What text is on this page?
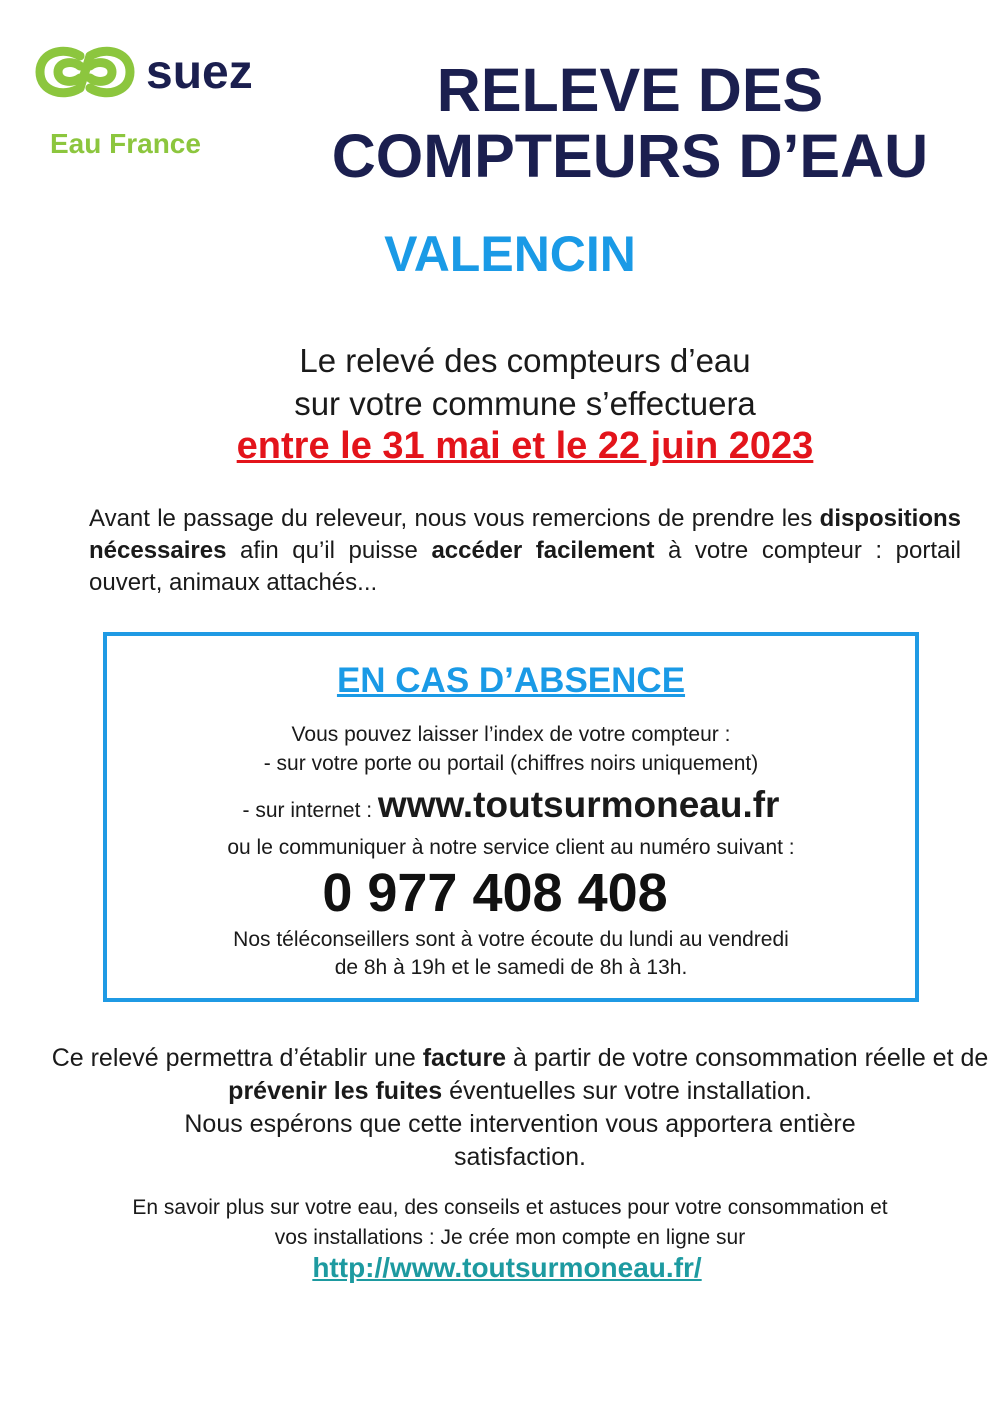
suez
Eau France
RELEVE DES
COMPTEURS D’EAU
VALENCIN
Le relevé des compteurs d’eau
sur votre commune s’effectuera
entre le 31 mai et le 22 juin 2023
Avant le passage du releveur, nous vous remercions de prendre les dispositions nécessaires afin qu’il puisse accéder facilement à votre compteur : portail ouvert, animaux attachés...
EN CAS D’ABSENCE
Vous pouvez laisser l’index de votre compteur :
- sur votre porte ou portail (chiffres noirs uniquement)
- sur internet : www.toutsurmoneau.fr
ou le communiquer à notre service client au numéro suivant :
0 977 408 408
Nos téléconseillers sont à votre écoute du lundi au vendredi
de 8h à 19h et le samedi de 8h à 13h.
Ce relevé permettra d’établir une facture à partir de votre consommation réelle et de prévenir les fuites éventuelles sur votre installation.
Nous espérons que cette intervention vous apportera entière satisfaction.
En savoir plus sur votre eau, des conseils et astuces pour votre consommation et
vos installations : Je crée mon compte en ligne sur
http://www.toutsurmoneau.fr/
